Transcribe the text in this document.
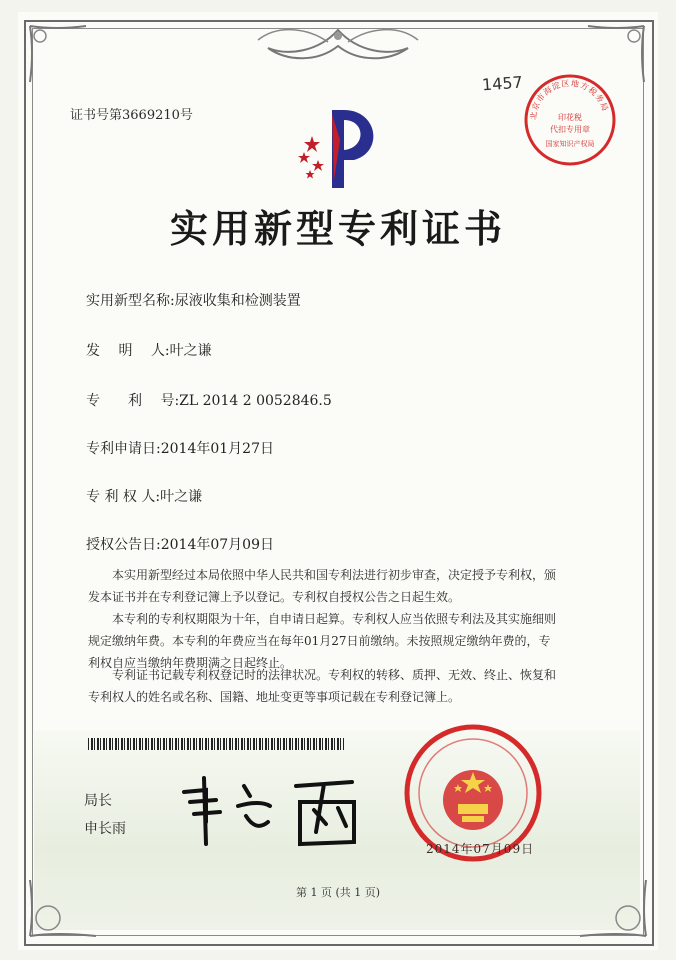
证书号第3669210号
1457
北京市海淀区地方税务局
印花税
代扣专用章
国家知识产权局
实用新型专利证书
实用新型名称:尿液收集和检测装置
发　 明　 人:叶之谦
专　　利　 号:ZL 2014 2 0052846.5
专利申请日:2014年01月27日
专 利 权 人:叶之谦
授权公告日:2014年07月09日
本实用新型经过本局依照中华人民共和国专利法进行初步审查，决定授予专利权，颁
发本证书并在专利登记簿上予以登记。专利权自授权公告之日起生效。
本专利的专利权期限为十年，自申请日起算。专利权人应当依照专利法及其实施细则
规定缴纳年费。本专利的年费应当在每年01月27日前缴纳。未按照规定缴纳年费的，专
利权自应当缴纳年费期满之日起终止。
专利证书记载专利权登记时的法律状况。专利权的转移、质押、无效、终止、恢复和
专利权人的姓名或名称、国籍、地址变更等事项记载在专利登记簿上。
局长
申长雨
2014年07月09日
第 1 页 (共 1 页)
